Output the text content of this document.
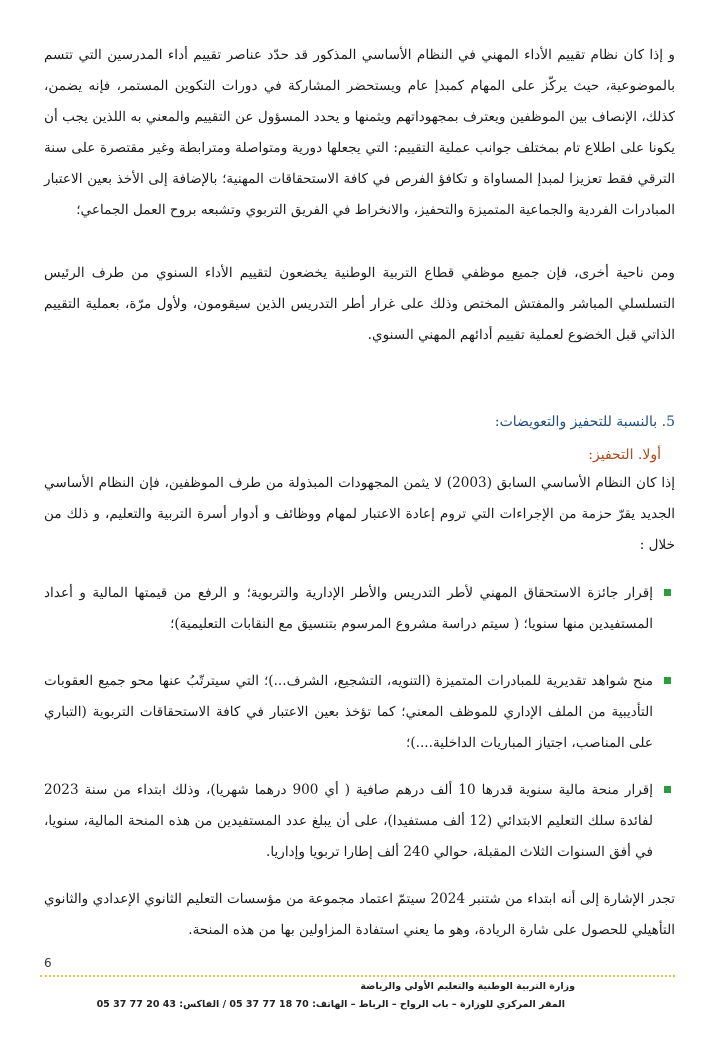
و إذا كان نظام تقييم الأداء المهني في النظام الأساسي المذكور قد حدّد عناصر تقييم أداء المدرسين التي تتسم بالموضوعية، حيث يركّز على المهام كمبدإ عام ويستحضر المشاركة في دورات التكوين المستمر، فإنه يضمن، كذلك، الإنصاف بين الموظفين ويعترف بمجهوداتهم ويثمنها و يحدد المسؤول عن التقييم والمعني به اللذين يجب أن يكونا على اطلاع تام بمختلف جوانب عملية التقييم: التي يجعلها دورية ومتواصلة ومترابطة وغير مقتصرة على سنة الترقي فقط تعزيزا لمبدإ المساواة و تكافؤ الفرص في كافة الاستحقاقات المهنية؛ بالإضافة إلى الأخذ بعين الاعتبار المبادرات الفردية والجماعية المتميزة والتحفيز، والانخراط في الفريق التربوي وتشبعه بروح العمل الجماعي؛

ومن ناحية أخرى، فإن جميع موظفي قطاع التربية الوطنية يخضعون لتقييم الأداء السنوي من طرف الرئيس التسلسلي المباشر والمفتش المختص وذلك على غرار أطر التدريس الذين سيقومون، ولأول مرّة، بعملية التقييم الذاتي قبل الخضوع لعملية تقييم أدائهم المهني السنوي.

5. بالنسبة للتحفيز والتعويضات:
أولا. التحفيز:

إذا كان النظام الأساسي السابق (2003) لا يثمن المجهودات المبذولة من طرف الموظفين، فإن النظام الأساسي الجديد يقرّ حزمة من الإجراءات التي تروم إعادة الاعتبار لمهام ووظائف و أدوار أسرة التربية والتعليم، و ذلك من خلال :

إقرار جائزة الاستحقاق المهني لأطر التدريس والأطر الإدارية والتربوية؛ و الرفع من قيمتها المالية و أعداد المستفيدين منها سنويا؛ ( سيتم دراسة مشروع المرسوم بتنسيق مع النقابات التعليمية)؛
منح شواهد تقديرية للمبادرات المتميزة (التنويه، التشجيع، الشرف...)؛ التي سيترتّبُ عنها محو جميع العقوبات التأديبية من الملف الإداري للموظف المعني؛ كما تؤخذ بعين الاعتبار في كافة الاستحقاقات التربوية (التباري على المناصب، اجتياز المباريات الداخلية....)؛
إقرار منحة مالية سنوية قدرها 10 ألف درهم صافية ( أي 900 درهما شهريا)، وذلك ابتداء من سنة 2023 لفائدة سلك التعليم الابتدائي (12 ألف مستفيدا)، على أن يبلغ عدد المستفيدين من هذه المنحة المالية، سنويا، في أفق السنوات الثلاث المقبلة، حوالي 240 ألف إطارا تربويا وإداريا.

تجدر الإشارة إلى أنه ابتداء من شتنبر 2024 سيتمّ اعتماد مجموعة من مؤسسات التعليم الثانوي الإعدادي والثانوي التأهيلي للحصول على شارة الريادة، وهو ما يعني استفادة المزاولين بها من هذه المنحة.

6
وزارة التربية الوطنية والتعليم الأولي والرياضة
المقر المركزي للوزارة – باب الرواح – الرباط – الهاتف: 70 18 77 37 05 / الفاكس: 43 20 77 37 05
